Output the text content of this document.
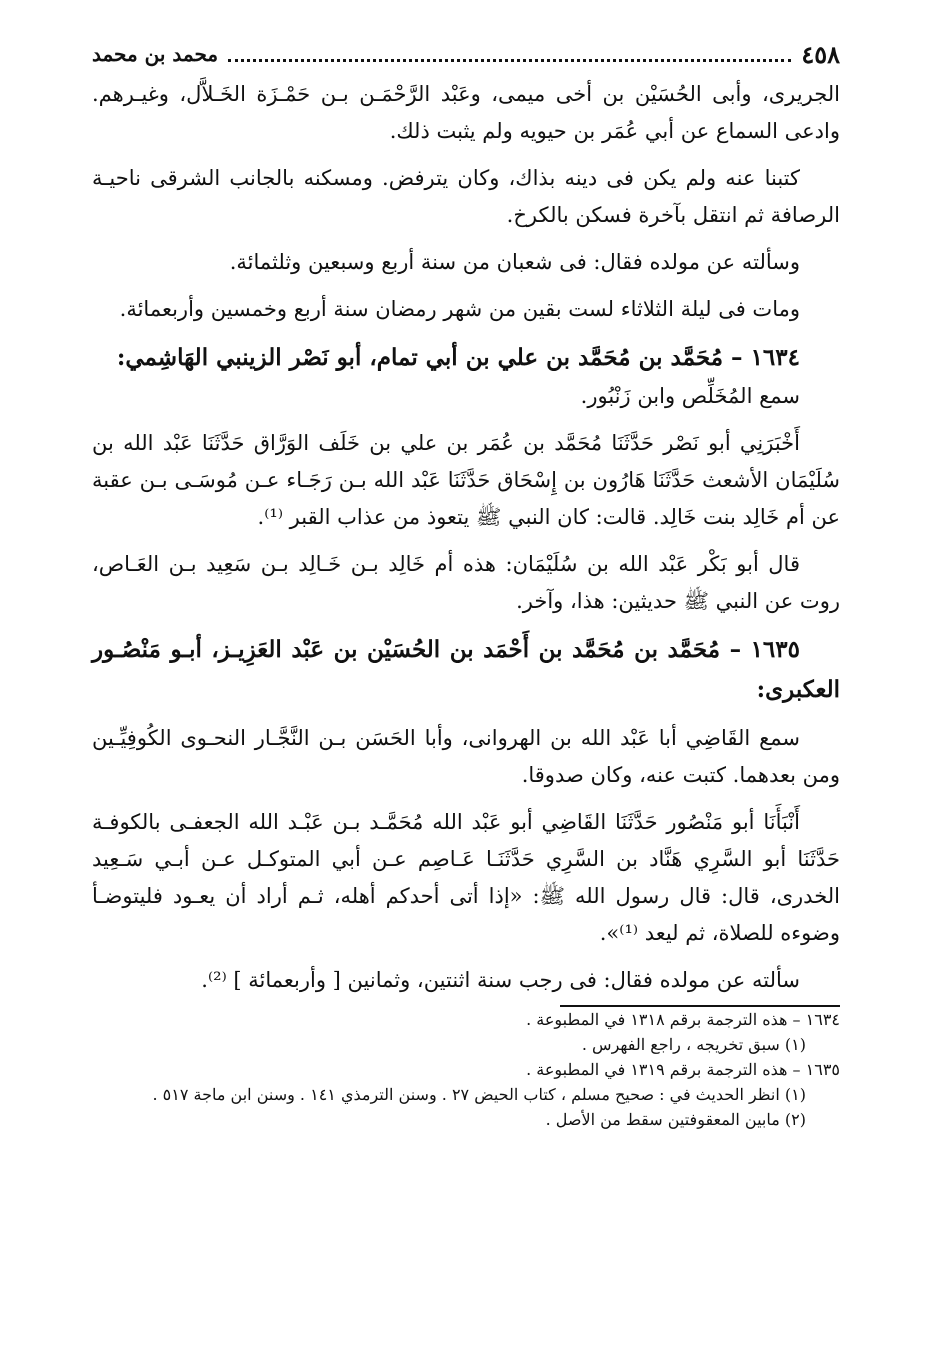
٤٥٨
محمد بن محمد

الجريرى، وأبى الحُسَيْن بن أخى ميمى، وعَبْد الرَّحْمَـن بـن حَمْـزَة الخَـلاَّل، وغيـرهم. وادعى السماع عن أبي عُمَر بن حيويه ولم يثبت ذلك.

كتبنا عنه ولم يكن فى دينه بذاك، وكان يترفض. ومسكنه بالجانب الشرقى ناحيـة الرصافة ثم انتقل بآخرة فسكن بالكرخ.

وسألته عن مولده فقال: فى شعبان من سنة أربع وسبعين وثلثمائة.

ومات فى ليلة الثلاثاء لست بقين من شهر رمضان سنة أربع وخمسين وأربعمائة.

١٦٣٤ – مُحَمَّد بن مُحَمَّد بن علي بن أبي تمام، أبو نَصْر الزينبي الهَاشِمي:

سمع المُخَلِّص وابن زَنْبُور.

أَخْبَرَنِي أبو نَصْر حَدَّثَنَا مُحَمَّد بن عُمَر بن علي بن خَلَف الوَرَّاق حَدَّثَنَا عَبْد الله بن سُلَيْمَان الأشعث حَدَّثَنَا هَارُون بن إِسْحَاق حَدَّثَنَا عَبْد الله بـن رَجَـاء عـن مُوسَـى بـن عقبة عن أم خَالِد بنت خَالِد. قالت: كان النبي ﷺ يتعوذ من عذاب القبر ⁽¹⁾.

قال أبو بَكْر عَبْد الله بن سُلَيْمَان: هذه أم خَالِد بـن خَـالِد بـن سَعِيد بـن العَـاص، روت عن النبي ﷺ حديثين: هذا، وآخر.

١٦٣٥ – مُحَمَّد بن مُحَمَّد بن أَحْمَد بن الحُسَيْن بن عَبْد العَزِيـز، أبـو مَنْصُـور العكبرى:

سمع القَاضِي أبا عَبْد الله بن الهروانى، وأبا الحَسَن بـن النَّجَّـار النحـوى الكُوفِيِّـين ومن بعدهما. كتبت عنه، وكان صدوقا.

أَنْبَأَنَا أبو مَنْصُور حَدَّثَنَا القَاضِي أبو عَبْد الله مُحَمَّـد بـن عَبْـد الله الجعفـى بالكوفـة حَدَّثَنَا أبو السَّرِي هَنَّاد بن السَّرِي حَدَّثَنَـا عَـاصِم عـن أبي المتوكـل عـن أبـي سَـعِيد الخدرى، قال: قال رسول الله ﷺ: «إذا أتى أحدكم أهله، ثـم أراد أن يعـود فليتوضـأ وضوءه للصلاة، ثم ليعد ⁽¹⁾».

سألته عن مولده فقال: فى رجب سنة اثنتين، وثمانين [ وأربعمائة ] ⁽²⁾.

١٦٣٤ – هذه الترجمة برقم ١٣١٨ في المطبوعة .

(١) سبق تخريجه ، راجع الفهرس .

١٦٣٥ – هذه الترجمة برقم ١٣١٩ في المطبوعة .

(١) انظر الحديث في : صحيح مسلم ، كتاب الحيض ٢٧ . وسنن الترمذي ١٤١ . وسنن ابن ماجة ٥١٧ .

(٢) مابين المعقوفتين سقط من الأصل .
